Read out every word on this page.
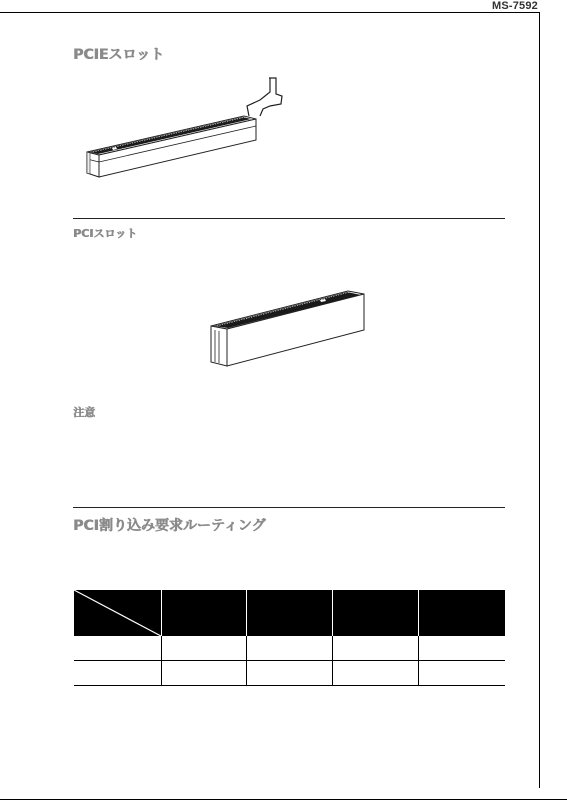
MS-7592
PCIEスロット
PCIスロット
注意
PCI割り込み要求ルーティング
